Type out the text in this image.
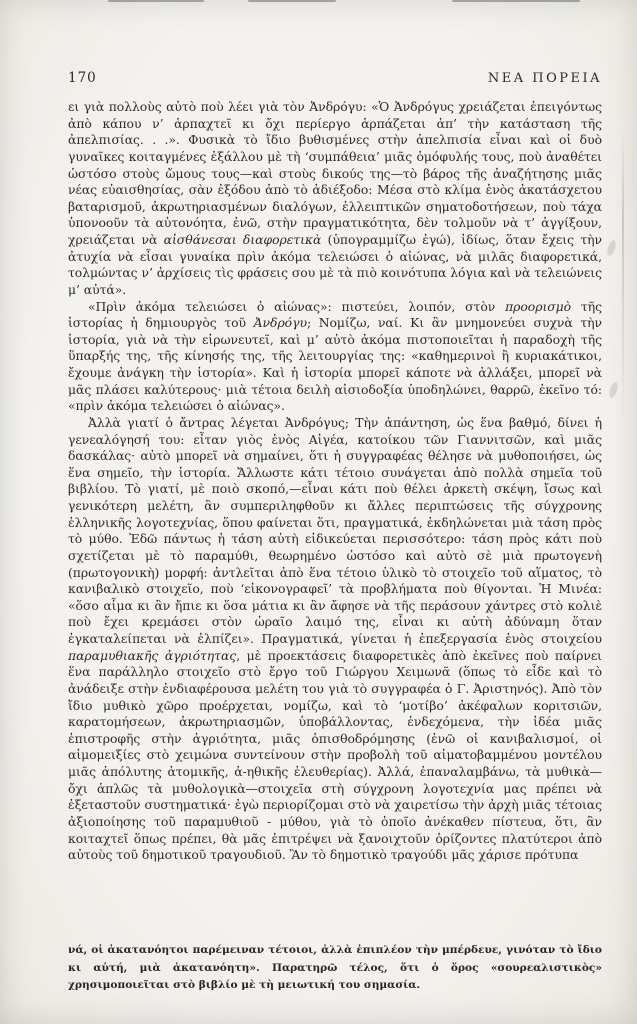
170	ΝΕΑ ΠΟΡΕΙΑ

ει γιὰ πολλοὺς αὐτὸ ποὺ λέει γιὰ τὸν Ἀνδρόγυ: «Ὁ Ἀνδρόγυς χρειάζεται ἐπειγόντως ἀπὸ κάπου ν’ ἁρπαχτεῖ κι ὄχι περίεργο ἁρπάζεται ἀπ’ τὴν κατάσταση τῆς ἀπελπισίας. . .». Φυσικὰ τὸ ἴδιο βυθισμένες στὴν ἀπελπισία εἶναι καὶ οἱ δυὸ γυναῖκες κοιταγμένες ἐξάλλου μὲ τὴ ‘συμπάθεια’ μιᾶς ὁμόφυλής τους, ποὺ ἀναθέτει ὡστόσο στοὺς ὤμους τους—καὶ στοὺς δικούς της—τὸ βάρος τῆς ἀναζήτησης μιᾶς νέας εὐαισθησίας, σὰν ἐξόδου ἀπὸ τὸ ἀδιέξοδο: Μέσα στὸ κλίμα ἑνὸς ἀκατάσχετου βαταρισμοῦ, ἀκρωτηριασμένων διαλόγων, ἐλλειπτικῶν σηματοδοτήσεων, ποὺ τάχα ὑπονοοῦν τὰ αὐτονόητα, ἐνῶ, στὴν πραγματικότητα, δὲν τολμοῦν νὰ τ’ ἀγγίξουν, χρειάζεται νὰ αἰσθάνεσαι διαφορετικὰ (ὑπογραμμίζω ἐγώ), ἰδίως, ὅταν ἔχεις τὴν ἀτυχία νὰ εἶσαι γυναίκα πρὶν ἀκόμα τελειώσει ὁ αἰώνας, νὰ μιλᾶς διαφορετικά, τολμώντας ν’ ἀρχίσεις τὶς φράσεις σου μὲ τὰ πιὸ κοινότυπα λόγια καὶ νὰ τελειώνεις μ’ αὐτά».

«Πρὶν ἀκόμα τελειώσει ὁ αἰώνας»: πιστεύει, λοιπόν, στὸν προορισμὸ τῆς ἱστορίας ἡ δημιουργὸς τοῦ Ἀνδρόγυ; Νομίζω, ναί. Κι ἂν μνημονεύει συχνὰ τὴν ἱστορία, γιὰ νὰ τὴν εἰρωνευτεῖ, καὶ μ’ αὐτὸ ἀκόμα πιστοποιεῖται ἡ παραδοχὴ τῆς ὕπαρξής της, τῆς κίνησής της, τῆς λειτουργίας της: «καθημερινοὶ ἢ κυριακάτικοι, ἔχουμε ἀνάγκη τὴν ἱστορία». Καὶ ἡ ἱστορία μπορεῖ κάποτε νὰ ἀλλάξει, μπορεῖ νὰ μᾶς πλάσει καλύτερους· μιὰ τέτοια δειλὴ αἰσιοδοξία ὑποδηλώνει, θαρρῶ, ἐκεῖνο τό: «πρὶν ἀκόμα τελειώσει ὁ αἰώνας».

Ἀλλὰ γιατί ὁ ἄντρας λέγεται Ἀνδρόγυς; Τὴν ἀπάντηση, ὡς ἕνα βαθμό, δίνει ἡ γενεαλόγησή του: εἶταν γιὸς ἑνὸς Αἰγέα, κατοίκου τῶν Γιαννιτσῶν, καὶ μιᾶς δασκάλας· αὐτὸ μπορεῖ νὰ σημαίνει, ὅτι ἡ συγγραφέας θέλησε νὰ μυθοποιήσει, ὡς ἕνα σημεῖο, τὴν ἱστορία. Ἄλλωστε κάτι τέτοιο συνάγεται ἀπὸ πολλὰ σημεῖα τοῦ βιβλίου. Τὸ γιατί, μὲ ποιὸ σκοπό,—εἶναι κάτι ποὺ θέλει ἀρκετὴ σκέψη, ἴσως καὶ γενικότερη μελέτη, ἂν συμπεριληφθοῦν κι ἄλλες περιπτώσεις τῆς σύγχρονης ἑλληνικῆς λογοτεχνίας, ὅπου φαίνεται ὅτι, πραγματικά, ἐκδηλώνεται μιὰ τάση πρὸς τὸ μύθο. Ἐδῶ πάντως ἡ τάση αὐτὴ εἰδικεύεται περισσότερο: τάση πρὸς κάτι ποὺ σχετίζεται μὲ τὸ παραμύθι, θεωρημένο ὡστόσο καὶ αὐτὸ σὲ μιὰ πρωτογενὴ (πρωτογονικὴ) μορφή: ἀντλεῖται ἀπὸ ἕνα τέτοιο ὑλικὸ τὸ στοιχεῖο τοῦ αἵματος, τὸ κανιβαλικὸ στοιχεῖο, ποὺ ‘εἰκονογραφεῖ’ τὰ προβλήματα ποὺ θίγονται. Ἡ Μινέα: «ὅσο αἷμα κι ἂν ἤπιε κι ὅσα μάτια κι ἂν ἄφησε νὰ τῆς περάσουν χάντρες στὸ κολιὲ ποὺ ἔχει κρεμάσει στὸν ὡραῖο λαιμό της, εἶναι κι αὐτὴ ἀδύναμη ὅταν ἐγκαταλείπεται νὰ ἐλπίζει». Πραγματικά, γίνεται ἡ ἐπεξεργασία ἑνὸς στοιχείου παραμυθιακῆς ἀγριότητας, μὲ προεκτάσεις διαφορετικὲς ἀπὸ ἐκεῖνες ποὺ παίρνει ἕνα παράλληλο στοιχεῖο στὸ ἔργο τοῦ Γιώργου Χειμωνᾶ (ὅπως τὸ εἶδε καὶ τὸ ἀνάδειξε στὴν ἐνδιαφέρουσα μελέτη του γιὰ τὸ συγγραφέα ὁ Γ. Ἀριστηνός). Ἀπὸ τὸν ἴδιο μυθικὸ χῶρο προέρχεται, νομίζω, καὶ τὸ ‘μοτίβο’ ἀκέφαλων κοριτσιῶν, καρατομήσεων, ἀκρωτηριασμῶν, ὑποβάλλοντας, ἐνδεχόμενα, τὴν ἰδέα μιᾶς ἐπιστροφῆς στὴν ἀγριότητα, μιᾶς ὀπισθοδρόμησης (ἐνῶ οἱ κανιβαλισμοί, οἱ αἱμομειξίες στὸ χειμώνα συντείνουν στὴν προβολὴ τοῦ αἱματοβαμμένου μοντέλου μιᾶς ἀπόλυτης ἀτομικῆς, ἀ-ηθικῆς ἐλευθερίας). Ἀλλά, ἐπαναλαμβάνω, τὰ μυθικὰ—ὄχι ἁπλῶς τὰ μυθολογικὰ—στοιχεῖα στὴ σύγχρονη λογοτεχνία μας πρέπει νὰ ἐξεταστοῦν συστηματικά· ἐγὼ περιορίζομαι στὸ νὰ χαιρετίσω τὴν ἀρχὴ μιᾶς τέτοιας ἀξιοποίησης τοῦ παραμυθιοῦ - μύθου, γιὰ τὸ ὁποῖο ἀνέκαθεν πίστευα, ὅτι, ἂν κοιταχτεῖ ὅπως πρέπει, θὰ μᾶς ἐπιτρέψει νὰ ξανοιχτοῦν ὁρίζοντες πλατύτεροι ἀπὸ αὐτοὺς τοῦ δημοτικοῦ τραγουδιοῦ. Ἂν τὸ δημοτικὸ τραγούδι μᾶς χάρισε πρότυπα

νά, οἱ ἀκατανόητοι παρέμειναν τέτοιοι, ἀλλὰ ἐπιπλέον τὴν μπέρδευε, γινόταν τὸ ἴδιο κι αὐτή, μιὰ ἀκατανόητη». Παρατηρῶ τέλος, ὅτι ὁ ὅρος «σουρεαλιστικὸς» χρησιμοποιεῖται στὸ βιβλίο μὲ τὴ μειωτική του σημασία.
